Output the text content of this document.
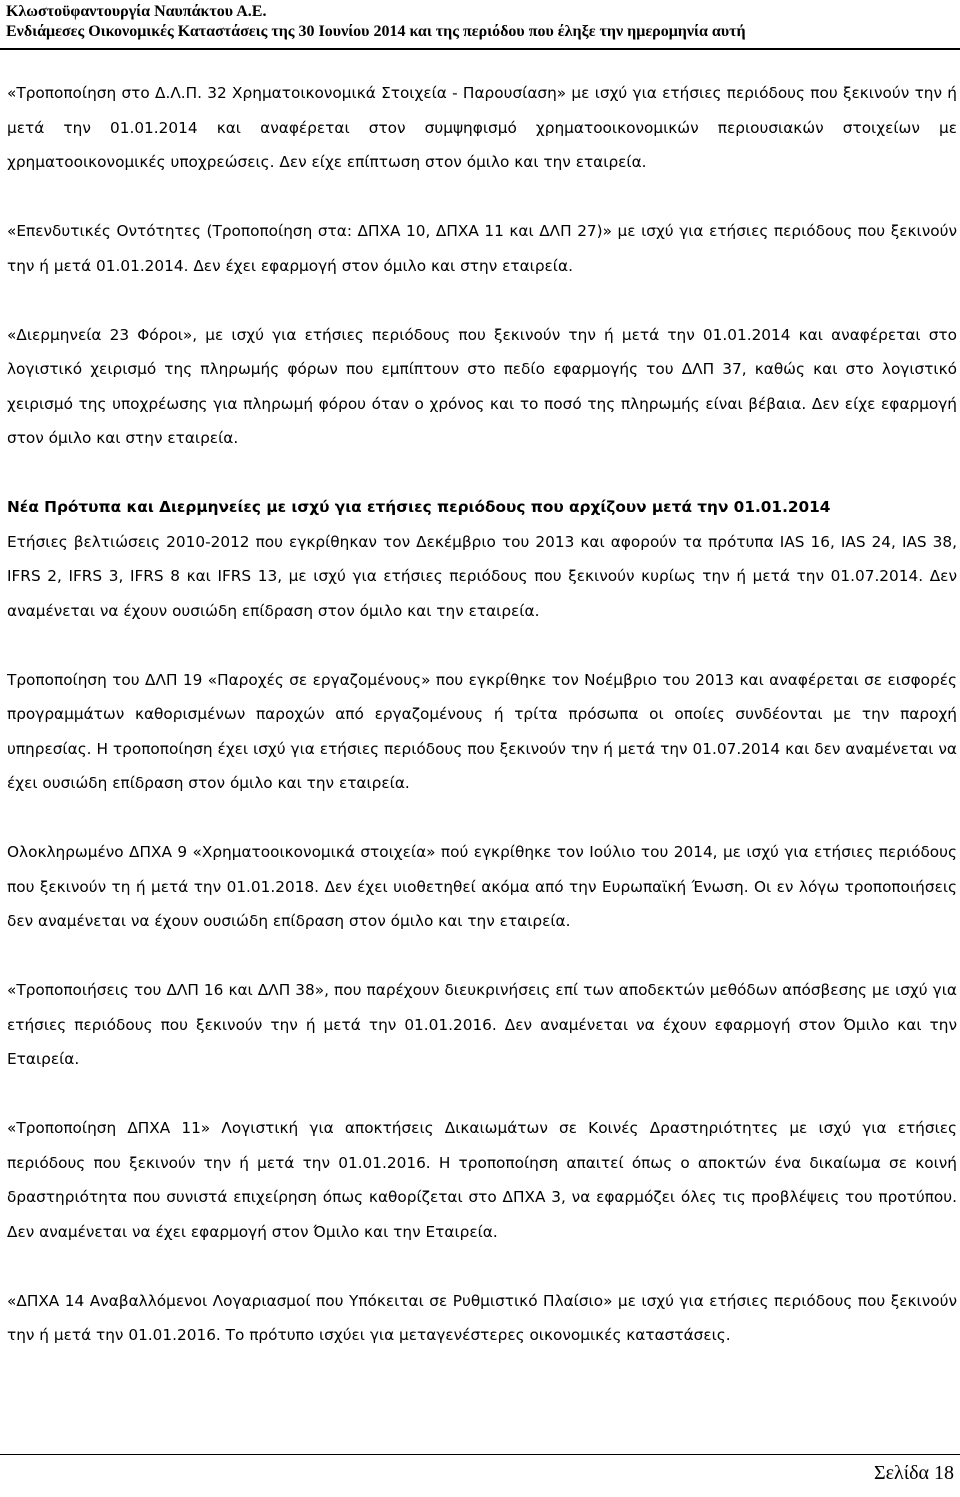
Κλωστοϋφαντουργία Ναυπάκτου Α.Ε.
Ενδιάμεσες Οικονομικές Καταστάσεις της 30 Ιουνίου 2014 και της περιόδου που έληξε την ημερομηνία αυτή

«Τροποποίηση στο Δ.Λ.Π. 32 Χρηματοικονομικά Στοιχεία - Παρουσίαση» με ισχύ για ετήσιες περιόδους που ξεκινούν την ή μετά την 01.01.2014 και αναφέρεται στον συμψηφισμό χρηματοοικονομικών περιουσιακών στοιχείων με χρηματοοικονομικές υποχρεώσεις. Δεν είχε επίπτωση στον όμιλο και την εταιρεία.

«Επενδυτικές Οντότητες (Τροποποίηση στα: ΔΠΧΑ 10, ΔΠΧΑ 11 και ΔΛΠ 27)» με ισχύ για ετήσιες περιόδους που ξεκινούν την ή μετά 01.01.2014. Δεν έχει εφαρμογή στον όμιλο και στην εταιρεία.

«Διερμηνεία 23 Φόροι», με ισχύ για ετήσιες περιόδους που ξεκινούν την ή μετά την 01.01.2014 και αναφέρεται στο λογιστικό χειρισμό της πληρωμής φόρων που εμπίπτουν στο πεδίο εφαρμογής του ΔΛΠ 37, καθώς και στο λογιστικό χειρισμό της υποχρέωσης για πληρωμή φόρου όταν ο χρόνος και το ποσό της πληρωμής είναι βέβαια. Δεν είχε εφαρμογή στον όμιλο και στην εταιρεία.

Νέα Πρότυπα και Διερμηνείες με ισχύ για ετήσιες περιόδους που αρχίζουν μετά την 01.01.2014

Ετήσιες βελτιώσεις 2010-2012 που εγκρίθηκαν τον Δεκέμβριο του 2013 και αφορούν τα πρότυπα IAS 16, IAS 24, IAS 38, IFRS 2, IFRS 3, IFRS 8 και IFRS 13, με ισχύ για ετήσιες περιόδους που ξεκινούν κυρίως την ή μετά την 01.07.2014. Δεν αναμένεται να έχουν ουσιώδη επίδραση στον όμιλο και την εταιρεία.

Τροποποίηση του ΔΛΠ 19 «Παροχές σε εργαζομένους» που εγκρίθηκε τον Νοέμβριο του 2013 και αναφέρεται σε εισφορές προγραμμάτων καθορισμένων παροχών από εργαζομένους ή τρίτα πρόσωπα οι οποίες συνδέονται με την παροχή υπηρεσίας. Η τροποποίηση έχει ισχύ για ετήσιες περιόδους που ξεκινούν την ή μετά την 01.07.2014 και δεν αναμένεται να έχει ουσιώδη επίδραση στον όμιλο και την εταιρεία.

Ολοκληρωμένο ΔΠΧΑ 9 «Χρηματοοικονομικά στοιχεία» πού εγκρίθηκε τον Ιούλιο του 2014, με ισχύ για ετήσιες περιόδους που ξεκινούν τη ή μετά την 01.01.2018. Δεν έχει υιοθετηθεί ακόμα από την Ευρωπαϊκή Ένωση. Οι εν λόγω τροποποιήσεις δεν αναμένεται να έχουν ουσιώδη επίδραση στον όμιλο και την εταιρεία.

«Τροποποιήσεις του ΔΛΠ 16 και ΔΛΠ 38», που παρέχουν διευκρινήσεις επί των αποδεκτών μεθόδων απόσβεσης με ισχύ για ετήσιες περιόδους που ξεκινούν την ή μετά την 01.01.2016. Δεν αναμένεται να έχουν εφαρμογή στον Όμιλο και την Εταιρεία.

«Τροποποίηση ΔΠΧΑ 11» Λογιστική για αποκτήσεις Δικαιωμάτων σε Κοινές Δραστηριότητες με ισχύ για ετήσιες περιόδους που ξεκινούν την ή μετά την 01.01.2016. Η τροποποίηση απαιτεί όπως ο αποκτών ένα δικαίωμα σε κοινή δραστηριότητα που συνιστά επιχείρηση όπως καθορίζεται στο ΔΠΧΑ 3, να εφαρμόζει όλες τις προβλέψεις του προτύπου. Δεν αναμένεται να έχει εφαρμογή στον Όμιλο και την Εταιρεία.

«ΔΠΧΑ 14 Αναβαλλόμενοι Λογαριασμοί που Υπόκειται σε Ρυθμιστικό Πλαίσιο» με ισχύ για ετήσιες περιόδους που ξεκινούν την ή μετά την 01.01.2016. Το πρότυπο ισχύει για μεταγενέστερες οικονομικές καταστάσεις.

Σελίδα 18
